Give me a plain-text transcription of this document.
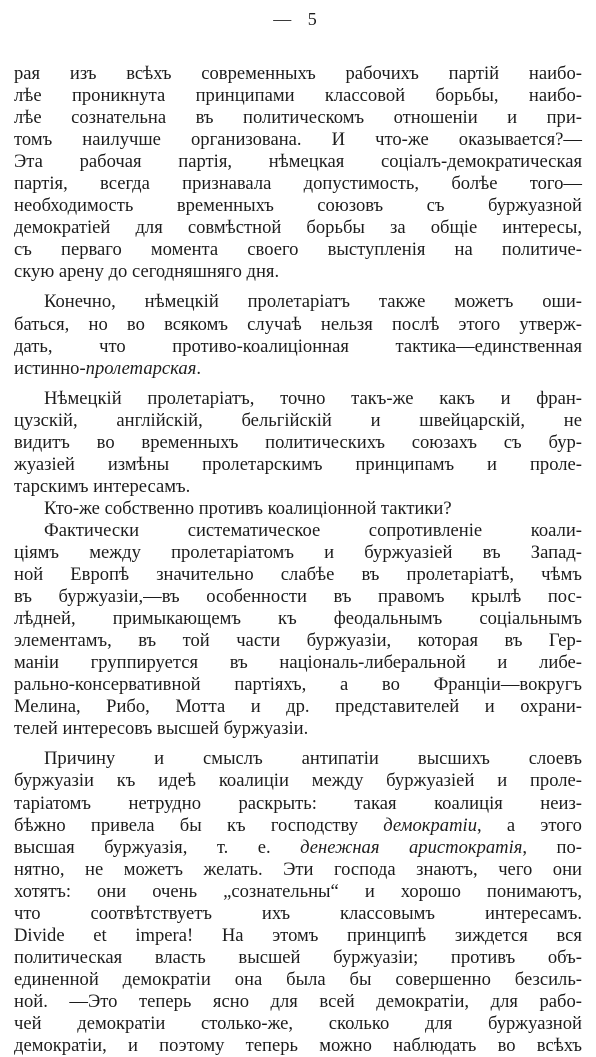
— 5
рая изъ всѣхъ современныхъ рабочихъ партій наибо-
лѣе проникнута принципами классовой борьбы, наибо-
лѣе сознательна въ политическомъ отношеніи и при-
томъ наилучше организована. И что-же оказывается?—
Эта рабочая партія, нѣмецкая соціалъ-демократическая
партія, всегда признавала допустимость, болѣе того—
необходимость временныхъ союзовъ съ буржуазной
демократіей для совмѣстной борьбы за общіе интересы,
съ перваго момента своего выступленія на политиче-
скую арену до сегодняшняго дня.
Конечно, нѣмецкій пролетаріатъ также можетъ оши-
баться, но во всякомъ случаѣ нельзя послѣ этого утверж-
дать, что противо-коалиціонная тактика—единственная
истинно-пролетарская.
Нѣмецкій пролетаріатъ, точно такъ-же какъ и фран-
цузскій, англійскій, бельгійскій и швейцарскій, не
видитъ во временныхъ политическихъ союзахъ съ бур-
жуазіей измѣны пролетарскимъ принципамъ и проле-
тарскимъ интересамъ.
Кто-же собственно противъ коалиціонной тактики?
Фактически систематическое сопротивленіе коали-
ціямъ между пролетаріатомъ и буржуазіей въ Запад-
ной Европѣ значительно слабѣе въ пролетаріатѣ, чѣмъ
въ буржуазіи,—въ особенности въ правомъ крылѣ пос-
лѣдней, примыкающемъ къ феодальнымъ соціальнымъ
элементамъ, въ той части буржуазіи, которая въ Гер-
маніи группируется въ національ-либеральной и либе-
рально-консервативной партіяхъ, а во Франціи—вокругъ
Мелина, Рибо, Мотта и др. представителей и охрани-
телей интересовъ высшей буржуазіи.
Причину и смыслъ антипатіи высшихъ слоевъ
буржуазіи къ идеѣ коалиціи между буржуазіей и проле-
таріатомъ нетрудно раскрыть: такая коалиція неиз-
бѣжно привела бы къ господству демократіи, а этого
высшая буржуазія, т. е. денежная аристократія, по-
нятно, не можетъ желать. Эти господа знаютъ, чего они
хотятъ: они очень „сознательны“ и хорошо понимаютъ,
что соотвѣтствуетъ ихъ классовымъ интересамъ.
Divide et impera! На этомъ принципѣ зиждется вся
политическая власть высшей буржуазіи; противъ объ-
единенной демократіи она была бы совершенно безсиль-
ной. —Это теперь ясно для всей демократіи, для рабо-
чей демократіи столько-же, сколько для буржуазной
демократіи, и поэтому теперь можно наблюдать во всѣхъ
